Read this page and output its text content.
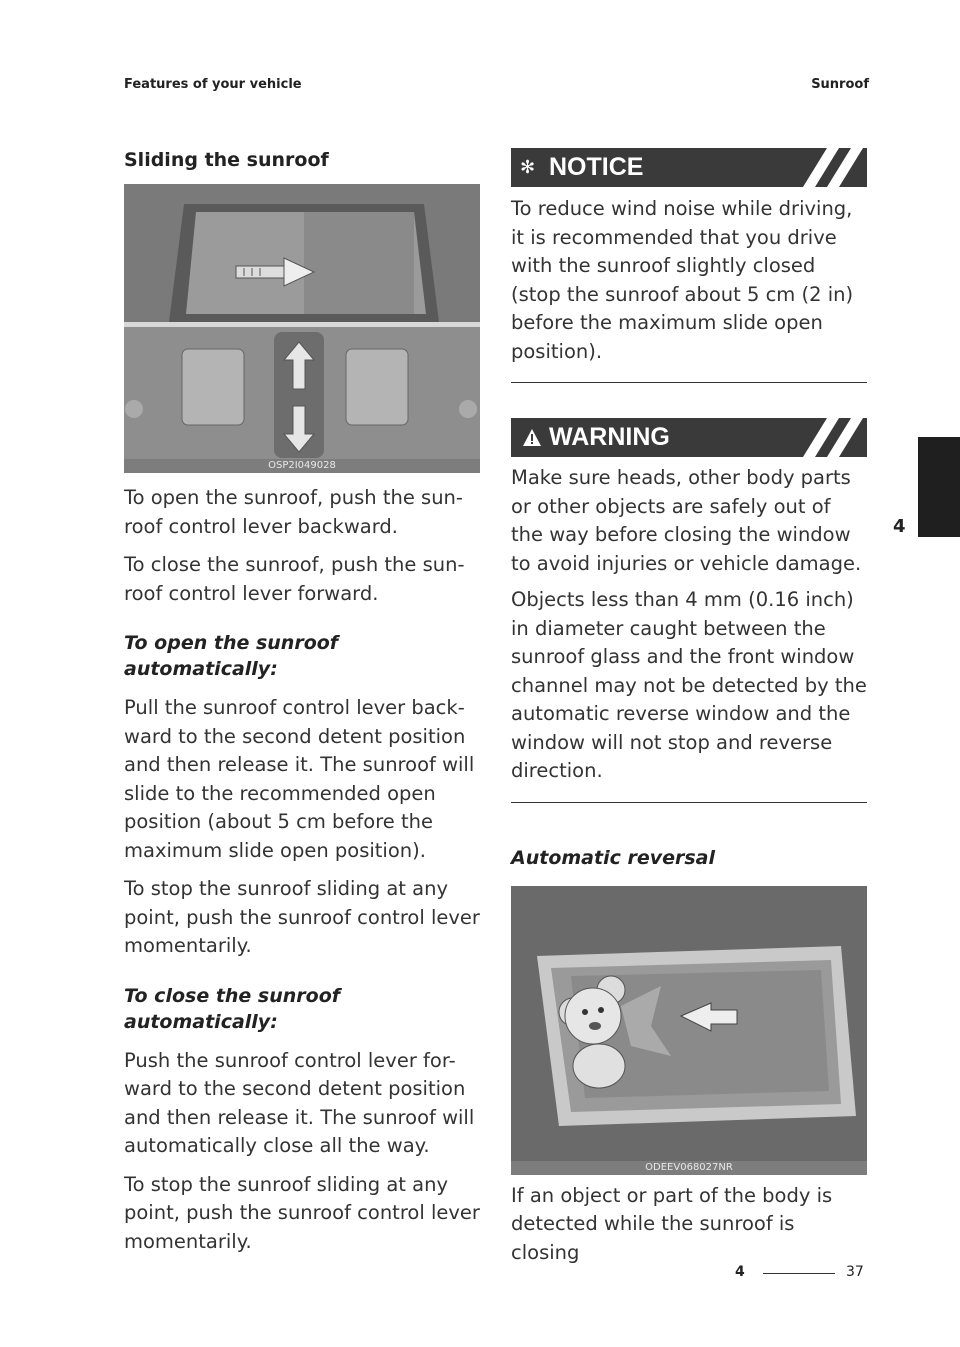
Features of your vehicle	Sunroof
Sliding the sunroof
OSP2I049028

To open the sunroof, push the sun-roof control lever backward.

To close the sunroof, push the sun-roof control lever forward.

To open the sunroof automatically:

Pull the sunroof control lever back-ward to the second detent position and then release it. The sunroof will slide to the recommended open position (about 5 cm before the maximum slide open position).

To stop the sunroof sliding at any point, push the sunroof control lever momentarily.

To close the sunroof automatically:

Push the sunroof control lever for-ward to the second detent position and then release it. The sunroof will automatically close all the way.

To stop the sunroof sliding at any point, push the sunroof control lever momentarily.

✻ NOTICE

To reduce wind noise while driving, it is recommended that you drive with the sunroof slightly closed (stop the sunroof about 5 cm (2 in) before the maximum slide open position).

WARNING

Make sure heads, other body parts or other objects are safely out of the way before closing the window to avoid injuries or vehicle damage.

Objects less than 4 mm (0.16 inch) in diameter caught between the sunroof glass and the front window channel may not be detected by the automatic reverse window and the window will not stop and reverse direction.

Automatic reversal
ODEEV068027NR

If an object or part of the body is detected while the sunroof is closing

4
4	37
